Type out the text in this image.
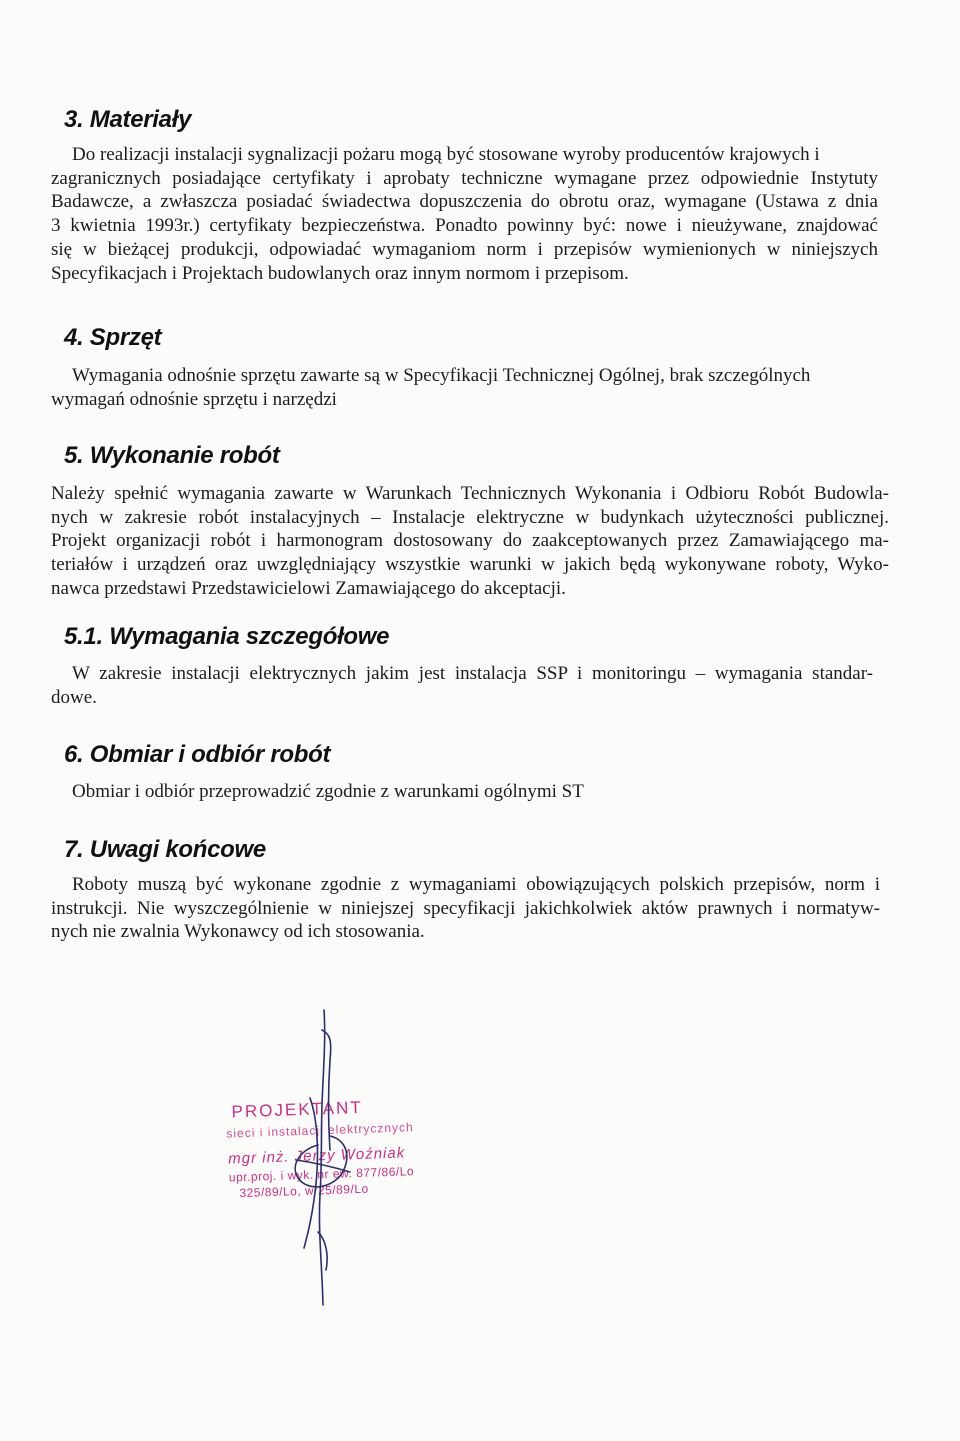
3. Materiały
Do realizacji instalacji sygnalizacji pożaru mogą być stosowane wyroby producentów krajowych i
zagranicznych posiadające certyfikaty i aprobaty techniczne wymagane przez odpowiednie Instytuty
Badawcze, a zwłaszcza posiadać świadectwa dopuszczenia do obrotu oraz, wymagane (Ustawa z dnia
3 kwietnia 1993r.) certyfikaty bezpieczeństwa. Ponadto powinny być: nowe i nieużywane, znajdować
się w bieżącej produkcji, odpowiadać wymaganiom norm i przepisów wymienionych w niniejszych
Specyfikacjach i Projektach budowlanych oraz innym normom i przepisom.
4. Sprzęt
Wymagania odnośnie sprzętu zawarte są w Specyfikacji Technicznej Ogólnej, brak szczególnych
wymagań odnośnie sprzętu i narzędzi
5. Wykonanie robót
Należy spełnić wymagania zawarte w Warunkach Technicznych Wykonania i Odbioru Robót Budowla-
nych w zakresie robót instalacyjnych – Instalacje elektryczne w budynkach użyteczności publicznej.
Projekt organizacji robót i harmonogram dostosowany do zaakceptowanych przez Zamawiającego ma-
teriałów i urządzeń oraz uwzględniający wszystkie warunki w jakich będą wykonywane roboty, Wyko-
nawca przedstawi Przedstawicielowi Zamawiającego do akceptacji.
5.1. Wymagania szczegółowe
W zakresie instalacji elektrycznych jakim jest instalacja SSP i monitoringu – wymagania standar-
dowe.
6. Obmiar i odbiór robót
Obmiar i odbiór przeprowadzić zgodnie z warunkami ogólnymi ST
7. Uwagi końcowe
Roboty muszą być wykonane zgodnie z wymaganiami obowiązujących polskich przepisów, norm i
instrukcji. Nie wyszczególnienie w niniejszej specyfikacji jakichkolwiek aktów prawnych i normatyw-
nych nie zwalnia Wykonawcy od ich stosowania.
PROJEKTANT
sieci i instalacji elektrycznych
mgr inż. Jerzy Woźniak
upr.proj. i wyk. nr ew. 877/86/Lo
325/89/Lo, w/25/89/Lo
